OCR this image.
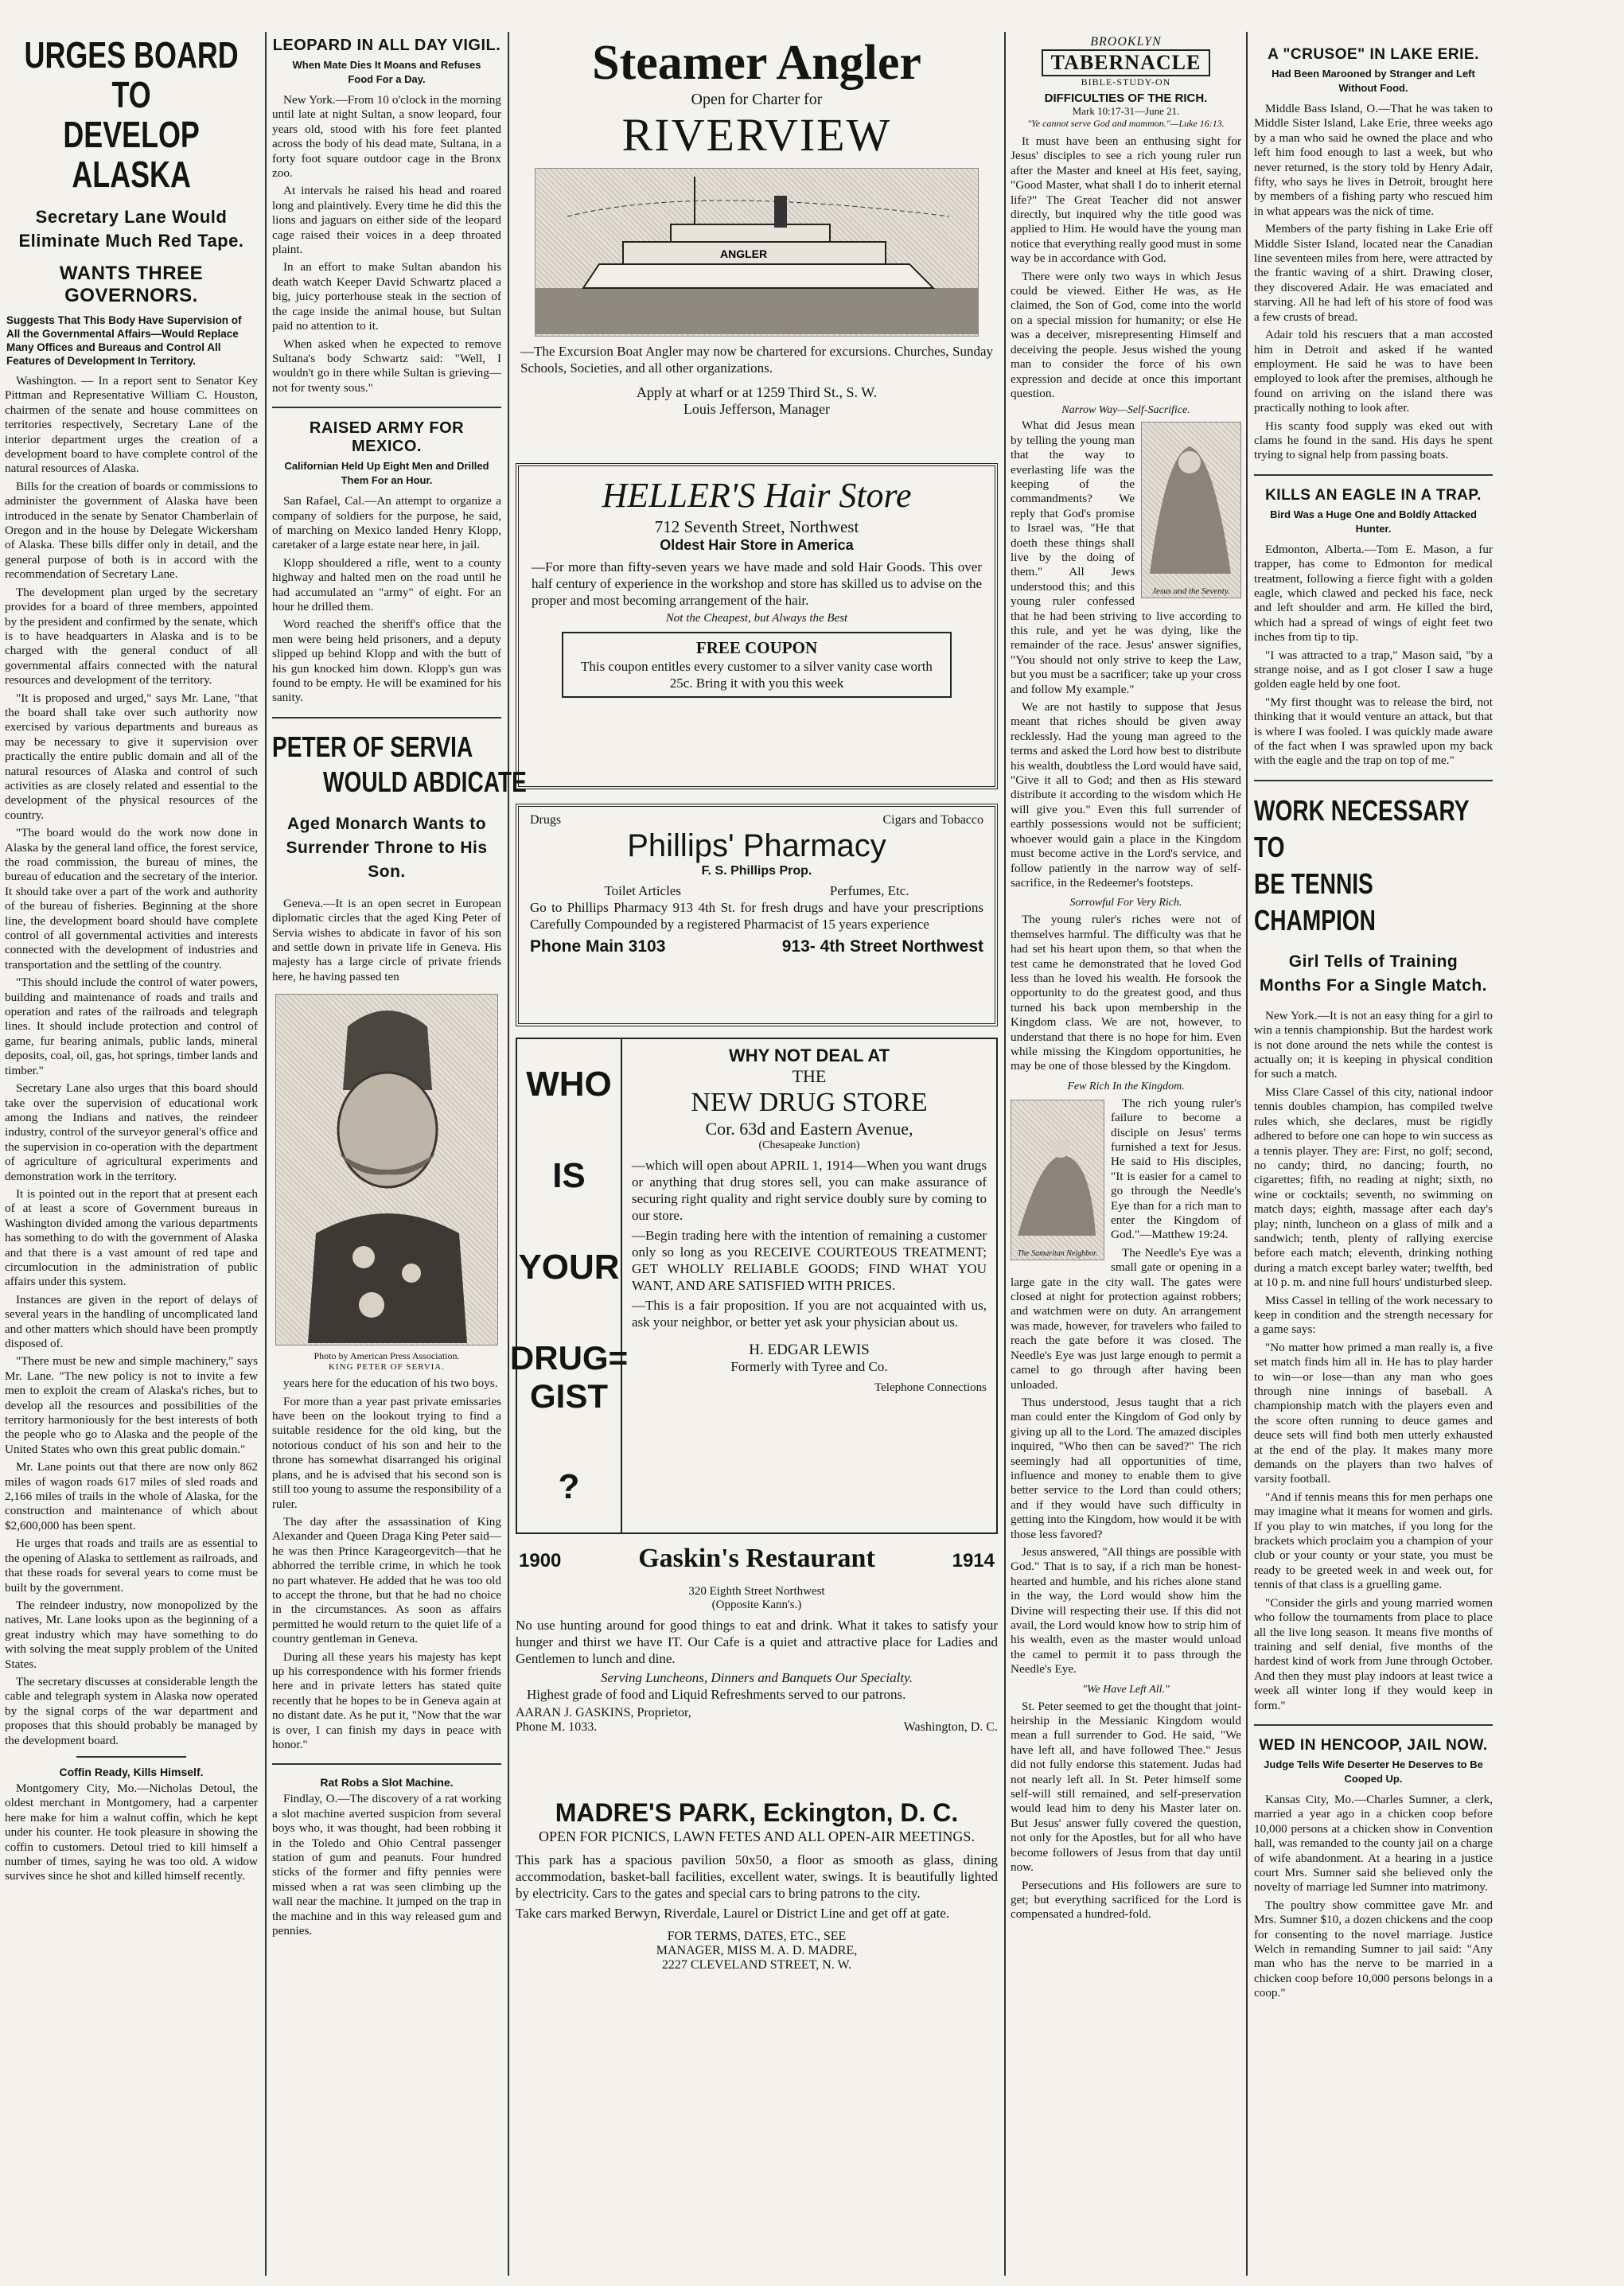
URGES BOARD TO
DEVELOP ALASKA
Secretary Lane Would Eliminate Much Red Tape.
WANTS THREE GOVERNORS.
Suggests That This Body Have Supervision of All the Governmental Affairs—Would Replace Many Offices and Bureaus and Control All Features of Development In Territory.

Washington. — In a report sent to Senator Key Pittman and Representative William C. Houston, chairmen of the senate and house committees on territories respectively, Secretary Lane of the interior department urges the creation of a development board to have complete control of the natural resources of Alaska.

Bills for the creation of boards or commissions to administer the government of Alaska have been introduced in the senate by Senator Chamberlain of Oregon and in the house by Delegate Wickersham of Alaska. These bills differ only in detail, and the general purpose of both is in accord with the recommendation of Secretary Lane.

The development plan urged by the secretary provides for a board of three members, appointed by the president and confirmed by the senate, which is to have headquarters in Alaska and is to be charged with the general conduct of all governmental affairs connected with the natural resources and development of the territory.

"It is proposed and urged," says Mr. Lane, "that the board shall take over such authority now exercised by various departments and bureaus as may be necessary to give it supervision over practically the entire public domain and all of the natural resources of Alaska and control of such activities as are closely related and essential to the development of the physical resources of the country.

"The board would do the work now done in Alaska by the general land office, the forest service, the road commission, the bureau of mines, the bureau of education and the secretary of the interior. It should take over a part of the work and authority of the bureau of fisheries. Beginning at the shore line, the development board should have complete control of all governmental activities and interests connected with the development of industries and transportation and the settling of the country.

"This should include the control of water powers, building and maintenance of roads and trails and operation and rates of the railroads and telegraph lines. It should include protection and control of game, fur bearing animals, public lands, mineral deposits, coal, oil, gas, hot springs, timber lands and timber."

Secretary Lane also urges that this board should take over the supervision of educational work among the Indians and natives, the reindeer industry, control of the surveyor general's office and the supervision in co-operation with the department of agriculture of agricultural experiments and demonstration work in the territory.

It is pointed out in the report that at present each of at least a score of Government bureaus in Washington divided among the various departments has something to do with the government of Alaska and that there is a vast amount of red tape and circumlocution in the administration of public affairs under this system.

Instances are given in the report of delays of several years in the handling of uncomplicated land and other matters which should have been promptly disposed of.

"There must be new and simple machinery," says Mr. Lane. "The new policy is not to invite a few men to exploit the cream of Alaska's riches, but to develop all the resources and possibilities of the territory harmoniously for the best interests of both the people who go to Alaska and the people of the United States who own this great public domain."

Mr. Lane points out that there are now only 862 miles of wagon roads 617 miles of sled roads and 2,166 miles of trails in the whole of Alaska, for the construction and maintenance of which about $2,600,000 has been spent.

He urges that roads and trails are as essential to the opening of Alaska to settlement as railroads, and that these roads for several years to come must be built by the government.

The reindeer industry, now monopolized by the natives, Mr. Lane looks upon as the beginning of a great industry which may have something to do with solving the meat supply problem of the United States.

The secretary discusses at considerable length the cable and telegraph system in Alaska now operated by the signal corps of the war department and proposes that this should probably be managed by the development board.

Coffin Ready, Kills Himself.

Montgomery City, Mo.—Nicholas Detoul, the oldest merchant in Montgomery, had a carpenter here make for him a walnut coffin, which he kept under his counter. He took pleasure in showing the coffin to customers. Detoul tried to kill himself a number of times, saying he was too old. A widow survives since he shot and killed himself recently.

LEOPARD IN ALL DAY VIGIL.
When Mate Dies It Moans and Refuses Food For a Day.

New York.—From 10 o'clock in the morning until late at night Sultan, a snow leopard, four years old, stood with his fore feet planted across the body of his dead mate, Sultana, in a forty foot square outdoor cage in the Bronx zoo.

At intervals he raised his head and roared long and plaintively. Every time he did this the lions and jaguars on either side of the leopard cage raised their voices in a deep throated plaint.

In an effort to make Sultan abandon his death watch Keeper David Schwartz placed a big, juicy porterhouse steak in the section of the cage inside the animal house, but Sultan paid no attention to it.

When asked when he expected to remove Sultana's body Schwartz said: "Well, I wouldn't go in there while Sultan is grieving—not for twenty sous."

RAISED ARMY FOR MEXICO.
Californian Held Up Eight Men and Drilled Them For an Hour.

San Rafael, Cal.—An attempt to organize a company of soldiers for the purpose, he said, of marching on Mexico landed Henry Klopp, caretaker of a large estate near here, in jail.

Klopp shouldered a rifle, went to a county highway and halted men on the road until he had accumulated an "army" of eight. For an hour he drilled them.

Word reached the sheriff's office that the men were being held prisoners, and a deputy slipped up behind Klopp and with the butt of his gun knocked him down. Klopp's gun was found to be empty. He will be examined for his sanity.

PETER OF SERVIA
WOULD ABDICATE
Aged Monarch Wants to Surrender Throne to His Son.

Geneva.—It is an open secret in European diplomatic circles that the aged King Peter of Servia wishes to abdicate in favor of his son and settle down in private life in Geneva. His majesty has a large circle of private friends here, he having passed ten

Photo by American Press Association.
KING PETER OF SERVIA.

years here for the education of his two boys.

For more than a year past private emissaries have been on the lookout trying to find a suitable residence for the old king, but the notorious conduct of his son and heir to the throne has somewhat disarranged his original plans, and he is advised that his second son is still too young to assume the responsibility of a ruler.

The day after the assassination of King Alexander and Queen Draga King Peter said—he was then Prince Karageorgevitch—that he abhorred the terrible crime, in which he took no part whatever. He added that he was too old to accept the throne, but that he had no choice in the circumstances. As soon as affairs permitted he would return to the quiet life of a country gentleman in Geneva.

During all these years his majesty has kept up his correspondence with his former friends here and in private letters has stated quite recently that he hopes to be in Geneva again at no distant date. As he put it, "Now that the war is over, I can finish my days in peace with honor."

Rat Robs a Slot Machine.

Findlay, O.—The discovery of a rat working a slot machine averted suspicion from several boys who, it was thought, had been robbing it in the Toledo and Ohio Central passenger station of gum and peanuts. Four hundred sticks of the former and fifty pennies were missed when a rat was seen climbing up the wall near the machine. It jumped on the trap in the machine and in this way released gum and pennies.

Steamer Angler
Open for Charter for
RIVERVIEW
ANGLER

—The Excursion Boat Angler may now be chartered for excursions. Churches, Sunday Schools, Societies, and all other organizations.

Apply at wharf or at 1259 Third St., S. W.
Louis Jefferson, Manager
HELLER'S Hair Store
712 Seventh Street, Northwest
Oldest Hair Store in America

—For more than fifty-seven years we have made and sold Hair Goods. This over half century of experience in the workshop and store has skilled us to advise on the proper and most becoming arrangement of the hair.

Not the Cheapest, but Always the Best
FREE COUPON
This coupon entitles every customer to a silver vanity case worth 25c. Bring it with you this week
Drugs	Cigars and Tobacco
Phillips' Pharmacy
F. S. Phillips Prop.
Toilet Articles	Perfumes, Etc.

Go to Phillips Pharmacy 913 4th St. for fresh drugs and have your prescriptions Carefully Compounded by a registered Pharmacist of 15 years experience

Phone Main 3103	913- 4th Street Northwest
WHO
IS
YOUR
DRUG=
GIST
?
WHY NOT DEAL AT
THE
NEW DRUG STORE
Cor. 63d and Eastern Avenue,
(Chesapeake Junction)

—which will open about APRIL 1, 1914—When you want drugs or anything that drug stores sell, you can make assurance of securing right quality and right service doubly sure by coming to our store.

—Begin trading here with the intention of remaining a customer only so long as you RECEIVE COURTEOUS TREATMENT; GET WHOLLY RELIABLE GOODS; FIND WHAT YOU WANT, AND ARE SATISFIED WITH PRICES.

—This is a fair proposition. If you are not acquainted with us, ask your neighbor, or better yet ask your physician about us.

H. EDGAR LEWIS
Formerly with Tyree and Co.
Telephone Connections
1900	Gaskin's Restaurant	1914
320 Eighth Street Northwest
(Opposite Kann's.)

No use hunting around for good things to eat and drink. What it takes to satisfy your hunger and thirst we have IT. Our Cafe is a quiet and attractive place for Ladies and Gentlemen to lunch and dine.

Serving Luncheons, Dinners and Banquets Our Specialty.

Highest grade of food and Liquid Refreshments served to our patrons.

AARAN J. GASKINS, Proprietor,
Phone M. 1033.	Washington, D. C.
MADRE'S PARK, Eckington, D. C.
OPEN FOR PICNICS, LAWN FETES AND ALL OPEN-AIR MEETINGS.

This park has a spacious pavilion 50x50, a floor as smooth as glass, dining accommodation, basket-ball facilities, excellent water, swings. It is beautifully lighted by electricity. Cars to the gates and special cars to bring patrons to the city.

Take cars marked Berwyn, Riverdale, Laurel or District Line and get off at gate.

FOR TERMS, DATES, ETC., SEE
MANAGER, MISS M. A. D. MADRE,
2227 CLEVELAND STREET, N. W.
BROOKLYN
TABERNACLE
BIBLE-STUDY-ON
DIFFICULTIES OF THE RICH.
Mark 10:17-31—June 21.
"Ye cannot serve God and mammon."—Luke 16:13.

It must have been an enthusing sight for Jesus' disciples to see a rich young ruler run after the Master and kneel at His feet, saying, "Good Master, what shall I do to inherit eternal life?" The Great Teacher did not answer directly, but inquired why the title good was applied to Him. He would have the young man notice that everything really good must in some way be in accordance with God.

There were only two ways in which Jesus could be viewed. Either He was, as He claimed, the Son of God, come into the world on a special mission for humanity; or else He was a deceiver, misrepresenting Himself and deceiving the people. Jesus wished the young man to consider the force of his own expression and decide at once this important question.

Narrow Way—Self-Sacrifice.
Jesus and the Seventy.

What did Jesus mean by telling the young man that the way to everlasting life was the keeping of the commandments? We reply that God's promise to Israel was, "He that doeth these things shall live by the doing of them." All Jews understood this; and this young ruler confessed that he had been striving to live according to this rule, and yet he was dying, like the remainder of the race. Jesus' answer signifies, "You should not only strive to keep the Law, but you must be a sacrificer; take up your cross and follow My example."

We are not hastily to suppose that Jesus meant that riches should be given away recklessly. Had the young man agreed to the terms and asked the Lord how best to distribute his wealth, doubtless the Lord would have said, "Give it all to God; and then as His steward distribute it according to the wisdom which He will give you." Even this full surrender of earthly possessions would not be sufficient; whoever would gain a place in the Kingdom must become active in the Lord's service, and follow patiently in the narrow way of self-sacrifice, in the Redeemer's footsteps.

Sorrowful For Very Rich.

The young ruler's riches were not of themselves harmful. The difficulty was that he had set his heart upon them, so that when the test came he demonstrated that he loved God less than he loved his wealth. He forsook the opportunity to do the greatest good, and thus turned his back upon membership in the Kingdom class. We are not, however, to understand that there is no hope for him. Even while missing the Kingdom opportunities, he may be one of those blessed by the Kingdom.

Few Rich In the Kingdom.
The Samaritan Neighbor.

The rich young ruler's failure to become a disciple on Jesus' terms furnished a text for Jesus. He said to His disciples, "It is easier for a camel to go through the Needle's Eye than for a rich man to enter the Kingdom of God."—Matthew 19:24.

The Needle's Eye was a small gate or opening in a large gate in the city wall. The gates were closed at night for protection against robbers; and watchmen were on duty. An arrangement was made, however, for travelers who failed to reach the gate before it was closed. The Needle's Eye was just large enough to permit a camel to go through after having been unloaded.

Thus understood, Jesus taught that a rich man could enter the Kingdom of God only by giving up all to the Lord. The amazed disciples inquired, "Who then can be saved?" The rich seemingly had all opportunities of time, influence and money to enable them to give better service to the Lord than could others; and if they would have such difficulty in getting into the Kingdom, how would it be with those less favored?

Jesus answered, "All things are possible with God." That is to say, if a rich man be honest-hearted and humble, and his riches alone stand in the way, the Lord would show him the Divine will respecting their use. If this did not avail, the Lord would know how to strip him of his wealth, even as the master would unload the camel to permit it to pass through the Needle's Eye.

"We Have Left All."

St. Peter seemed to get the thought that joint-heirship in the Messianic Kingdom would mean a full surrender to God. He said, "We have left all, and have followed Thee." Jesus did not fully endorse this statement. Judas had not nearly left all. In St. Peter himself some self-will still remained, and self-preservation would lead him to deny his Master later on. But Jesus' answer fully covered the question, not only for the Apostles, but for all who have become followers of Jesus from that day until now.

Persecutions and His followers are sure to get; but everything sacrificed for the Lord is compensated a hundred-fold.

A "CRUSOE" IN LAKE ERIE.
Had Been Marooned by Stranger and Left Without Food.

Middle Bass Island, O.—That he was taken to Middle Sister Island, Lake Erie, three weeks ago by a man who said he owned the place and who left him food enough to last a week, but who never returned, is the story told by Henry Adair, fifty, who says he lives in Detroit, brought here by members of a fishing party who rescued him in what appears was the nick of time.

Members of the party fishing in Lake Erie off Middle Sister Island, located near the Canadian line seventeen miles from here, were attracted by the frantic waving of a shirt. Drawing closer, they discovered Adair. He was emaciated and starving. All he had left of his store of food was a few crusts of bread.

Adair told his rescuers that a man accosted him in Detroit and asked if he wanted employment. He said he was to have been employed to look after the premises, although he found on arriving on the island there was practically nothing to look after.

His scanty food supply was eked out with clams he found in the sand. His days he spent trying to signal help from passing boats.

KILLS AN EAGLE IN A TRAP.
Bird Was a Huge One and Boldly Attacked Hunter.

Edmonton, Alberta.—Tom E. Mason, a fur trapper, has come to Edmonton for medical treatment, following a fierce fight with a golden eagle, which clawed and pecked his face, neck and left shoulder and arm. He killed the bird, which had a spread of wings of eight feet two inches from tip to tip.

"I was attracted to a trap," Mason said, "by a strange noise, and as I got closer I saw a huge golden eagle held by one foot.

"My first thought was to release the bird, not thinking that it would venture an attack, but that is where I was fooled. I was quickly made aware of the fact when I was sprawled upon my back with the eagle and the trap on top of me."

WORK NECESSARY TO
BE TENNIS CHAMPION
Girl Tells of Training Months For a Single Match.

New York.—It is not an easy thing for a girl to win a tennis championship. But the hardest work is not done around the nets while the contest is actually on; it is keeping in physical condition for such a match.

Miss Clare Cassel of this city, national indoor tennis doubles champion, has compiled twelve rules which, she declares, must be rigidly adhered to before one can hope to win success as a tennis player. They are: First, no golf; second, no candy; third, no dancing; fourth, no cigarettes; fifth, no reading at night; sixth, no wine or cocktails; seventh, no swimming on match days; eighth, massage after each day's play; ninth, luncheon on a glass of milk and a sandwich; tenth, plenty of rallying exercise before each match; eleventh, drinking nothing during a match except barley water; twelfth, bed at 10 p. m. and nine full hours' undisturbed sleep.

Miss Cassel in telling of the work necessary to keep in condition and the strength necessary for a game says:

"No matter how primed a man really is, a five set match finds him all in. He has to play harder to win—or lose—than any man who goes through nine innings of baseball. A championship match with the players even and the score often running to deuce games and deuce sets will find both men utterly exhausted at the end of the play. It makes many more demands on the players than two halves of varsity football.

"And if tennis means this for men perhaps one may imagine what it means for women and girls. If you play to win matches, if you long for the brackets which proclaim you a champion of your club or your county or your state, you must be ready to be greeted week in and week out, for tennis of that class is a gruelling game.

"Consider the girls and young married women who follow the tournaments from place to place all the live long season. It means five months of training and self denial, five months of the hardest kind of work from June through October. And then they must play indoors at least twice a week all winter long if they would keep in form."

WED IN HENCOOP, JAIL NOW.
Judge Tells Wife Deserter He Deserves to Be Cooped Up.

Kansas City, Mo.—Charles Sumner, a clerk, married a year ago in a chicken coop before 10,000 persons at a chicken show in Convention hall, was remanded to the county jail on a charge of wife abandonment. At a hearing in a justice court Mrs. Sumner said she believed only the novelty of marriage led Sumner into matrimony.

The poultry show committee gave Mr. and Mrs. Sumner $10, a dozen chickens and the coop for consenting to the novel marriage. Justice Welch in remanding Sumner to jail said: "Any man who has the nerve to be married in a chicken coop before 10,000 persons belongs in a coop."
